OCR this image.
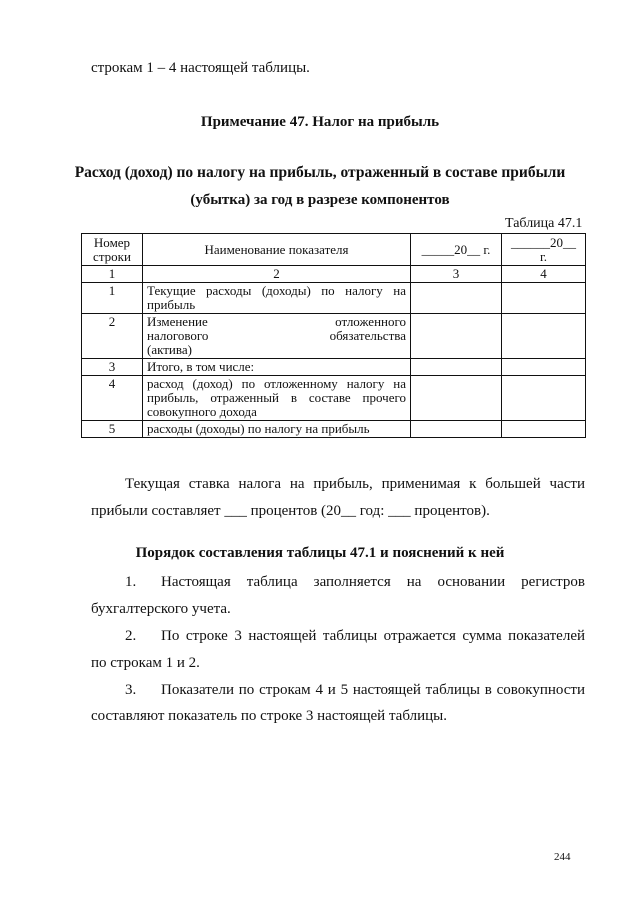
строкам 1 – 4 настоящей таблицы.

Примечание 47. Налог на прибыль

Расход (доход) по налогу на прибыль, отраженный в составе прибыли

(убытка) за год в разрезе компонентов

Таблица 47.1

Номер строки	Наименование показателя	_____20__ г.	______20__ г.
1	2	3	4
1	Текущие расходы (доходы) по налогу на прибыль		
2	Изменение отложенного налогового обязательства (актива)		
3	Итого, в том числе:		
4	расход (доход) по отложенному налогу на прибыль, отраженный в составе прочего совокупного дохода		
5	расходы (доходы) по налогу на прибыль		

Текущая ставка налога на прибыль, применимая к большей части

прибыли составляет ___ процентов (20__ год: ___ процентов).

Порядок составления таблицы 47.1 и пояснений к ней

1. Настоящая таблица заполняется на основании регистров

бухгалтерского учета.

2. По строке 3 настоящей таблицы отражается сумма показателей

по строкам 1 и 2.

3. Показатели по строкам 4 и 5 настоящей таблицы в совокупности

составляют показатель по строке 3 настоящей таблицы.

244
